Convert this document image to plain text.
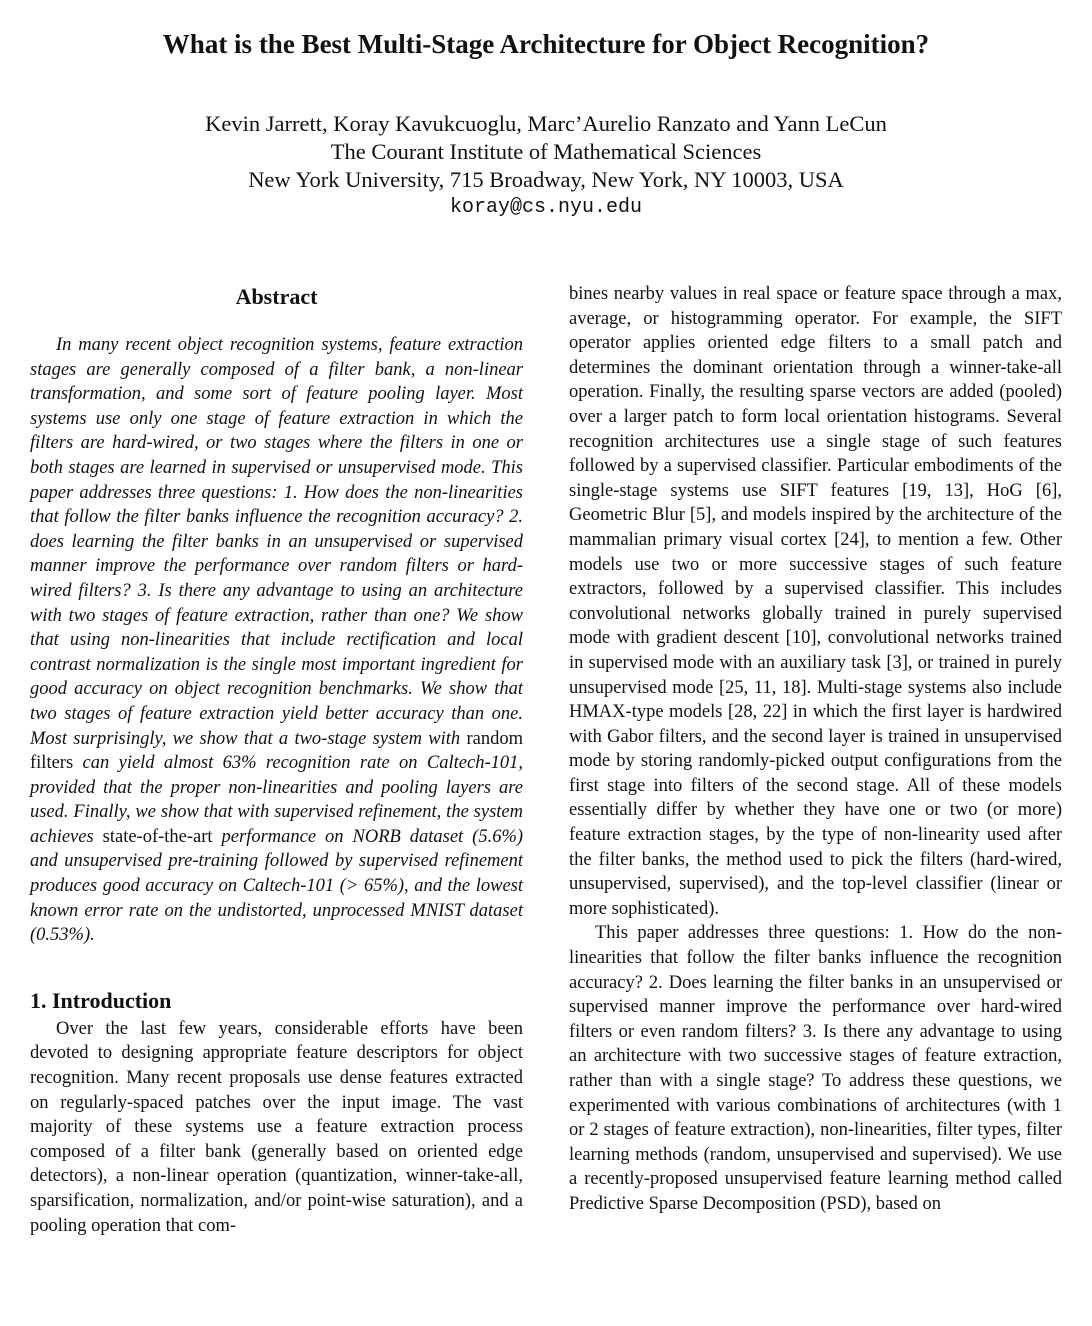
What is the Best Multi-Stage Architecture for Object Recognition?
Kevin Jarrett, Koray Kavukcuoglu, Marc’Aurelio Ranzato and Yann LeCun
The Courant Institute of Mathematical Sciences
New York University, 715 Broadway, New York, NY 10003, USA
koray@cs.nyu.edu
Abstract

In many recent object recognition systems, feature extraction stages are generally composed of a filter bank, a non-linear transformation, and some sort of feature pooling layer. Most systems use only one stage of feature extraction in which the filters are hard-wired, or two stages where the filters in one or both stages are learned in supervised or unsupervised mode. This paper addresses three questions: 1. How does the non-linearities that follow the filter banks influence the recognition accuracy? 2. does learning the filter banks in an unsupervised or supervised manner improve the performance over random filters or hard-wired filters? 3. Is there any advantage to using an architecture with two stages of feature extraction, rather than one? We show that using non-linearities that include rectification and local contrast normalization is the single most important ingredient for good accuracy on object recognition benchmarks. We show that two stages of feature extraction yield better accuracy than one. Most surprisingly, we show that a two-stage system with random filters can yield almost 63% recognition rate on Caltech-101, provided that the proper non-linearities and pooling layers are used. Finally, we show that with supervised refinement, the system achieves state-of-the-art performance on NORB dataset (5.6%) and unsupervised pre-training followed by supervised refinement produces good accuracy on Caltech-101 (> 65%), and the lowest known error rate on the undistorted, unprocessed MNIST dataset (0.53%).

1. Introduction

Over the last few years, considerable efforts have been devoted to designing appropriate feature descriptors for object recognition. Many recent proposals use dense features extracted on regularly-spaced patches over the input image. The vast majority of these systems use a feature extraction process composed of a filter bank (generally based on oriented edge detectors), a non-linear operation (quantization, winner-take-all, sparsification, normalization, and/or point-wise saturation), and a pooling operation that com-

bines nearby values in real space or feature space through a max, average, or histogramming operator. For example, the SIFT operator applies oriented edge filters to a small patch and determines the dominant orientation through a winner-take-all operation. Finally, the resulting sparse vectors are added (pooled) over a larger patch to form local orientation histograms. Several recognition architectures use a single stage of such features followed by a supervised classifier. Particular embodiments of the single-stage systems use SIFT features [19, 13], HoG [6], Geometric Blur [5], and models inspired by the architecture of the mammalian primary visual cortex [24], to mention a few. Other models use two or more successive stages of such feature extractors, followed by a supervised classifier. This includes convolutional networks globally trained in purely supervised mode with gradient descent [10], convolutional networks trained in supervised mode with an auxiliary task [3], or trained in purely unsupervised mode [25, 11, 18]. Multi-stage systems also include HMAX-type models [28, 22] in which the first layer is hardwired with Gabor filters, and the second layer is trained in unsupervised mode by storing randomly-picked output configurations from the first stage into filters of the second stage. All of these models essentially differ by whether they have one or two (or more) feature extraction stages, by the type of non-linearity used after the filter banks, the method used to pick the filters (hard-wired, unsupervised, supervised), and the top-level classifier (linear or more sophisticated).

This paper addresses three questions: 1. How do the non-linearities that follow the filter banks influence the recognition accuracy? 2. Does learning the filter banks in an unsupervised or supervised manner improve the performance over hard-wired filters or even random filters? 3. Is there any advantage to using an architecture with two successive stages of feature extraction, rather than with a single stage? To address these questions, we experimented with various combinations of architectures (with 1 or 2 stages of feature extraction), non-linearities, filter types, filter learning methods (random, unsupervised and supervised). We use a recently-proposed unsupervised feature learning method called Predictive Sparse Decomposition (PSD), based on
